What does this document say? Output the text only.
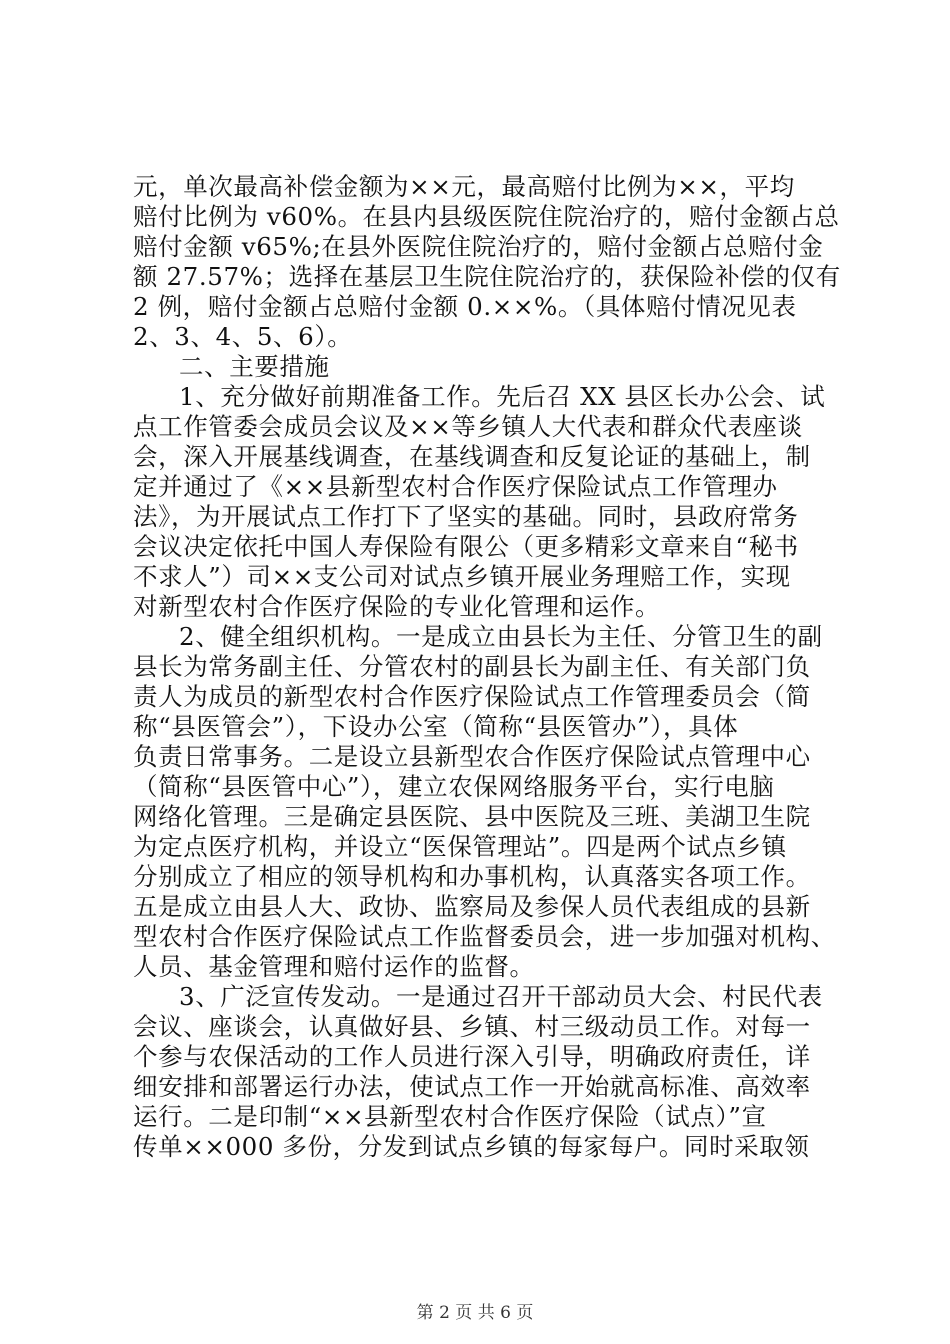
元，单次最高补偿金额为××元，最高赔付比例为××，平均
赔付比例为 v60%。在县内县级医院住院治疗的，赔付金额占总
赔付金额 v65%;在县外医院住院治疗的，赔付金额占总赔付金
额 27.57%；选择在基层卫生院住院治疗的，获保险补偿的仅有
2 例，赔付金额占总赔付金额 0.××%。（具体赔付情况见表
2、3、4、5、6）。
二、主要措施
1、充分做好前期准备工作。先后召 XX 县区长办公会、试
点工作管委会成员会议及××等乡镇人大代表和群众代表座谈
会，深入开展基线调查，在基线调查和反复论证的基础上，制
定并通过了《××县新型农村合作医疗保险试点工作管理办
法》，为开展试点工作打下了坚实的基础。同时，县政府常务
会议决定依托中国人寿保险有限公（更多精彩文章来自“秘书
不求人”）司××支公司对试点乡镇开展业务理赔工作，实现
对新型农村合作医疗保险的专业化管理和运作。
2、健全组织机构。一是成立由县长为主任、分管卫生的副
县长为常务副主任、分管农村的副县长为副主任、有关部门负
责人为成员的新型农村合作医疗保险试点工作管理委员会（简
称“县医管会”），下设办公室（简称“县医管办”），具体
负责日常事务。二是设立县新型农合作医疗保险试点管理中心
（简称“县医管中心”），建立农保网络服务平台，实行电脑
网络化管理。三是确定县医院、县中医院及三班、美湖卫生院
为定点医疗机构，并设立“医保管理站”。四是两个试点乡镇
分别成立了相应的领导机构和办事机构，认真落实各项工作。
五是成立由县人大、政协、监察局及参保人员代表组成的县新
型农村合作医疗保险试点工作监督委员会，进一步加强对机构、
人员、基金管理和赔付运作的监督。
3、广泛宣传发动。一是通过召开干部动员大会、村民代表
会议、座谈会，认真做好县、乡镇、村三级动员工作。对每一
个参与农保活动的工作人员进行深入引导，明确政府责任，详
细安排和部署运行办法，使试点工作一开始就高标准、高效率
运行。二是印制“××县新型农村合作医疗保险（试点）”宣
传单××000 多份，分发到试点乡镇的每家每户。同时采取领
第 2 页 共 6 页
